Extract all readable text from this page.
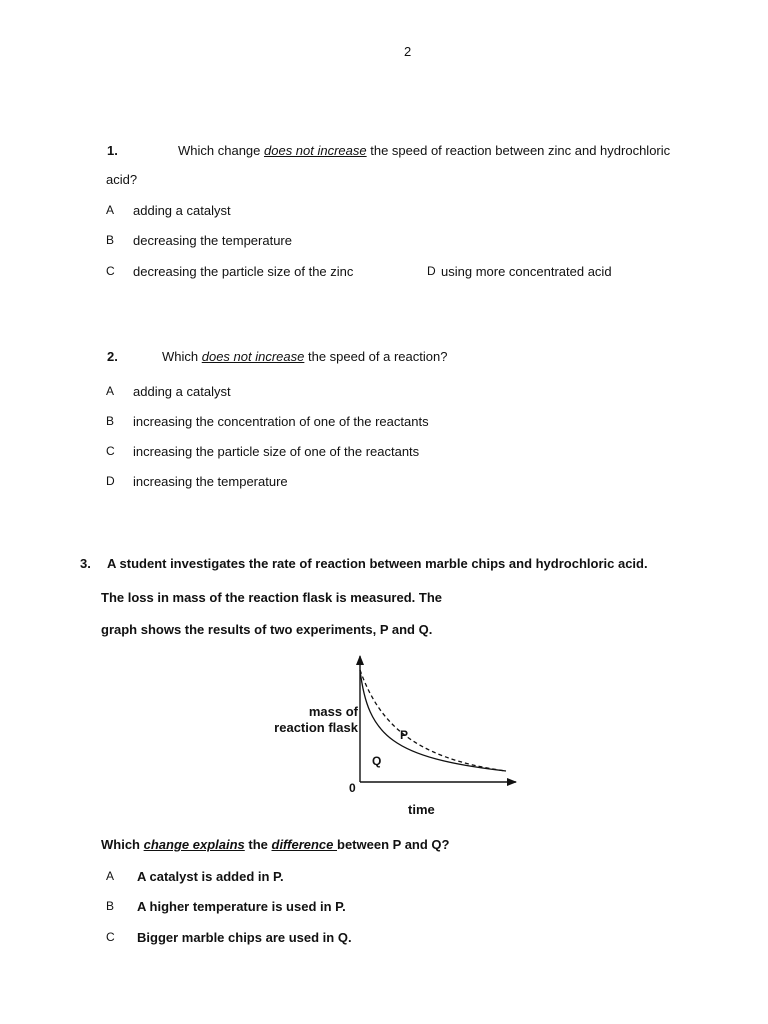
2
1.	Which change does not increase the speed of reaction between zinc and hydrochloric
acid?
A adding a catalyst
B decreasing the temperature
C decreasing the particle size of the zinc	D using more concentrated acid
2.	Which does not increase the speed of a reaction?
A adding a catalyst
B increasing the concentration of one of the reactants
C increasing the particle size of one of the reactants
D increasing the temperature
3. A student investigates the rate of reaction between marble chips and hydrochloric acid.
The loss in mass of the reaction flask is measured. The
graph shows the results of two experiments, P and Q.
mass of
reaction flask	P
Q
0
time
Which change explains the difference between P and Q?
A A catalyst is added in P.
B A higher temperature is used in P.
C Bigger marble chips are used in Q.
